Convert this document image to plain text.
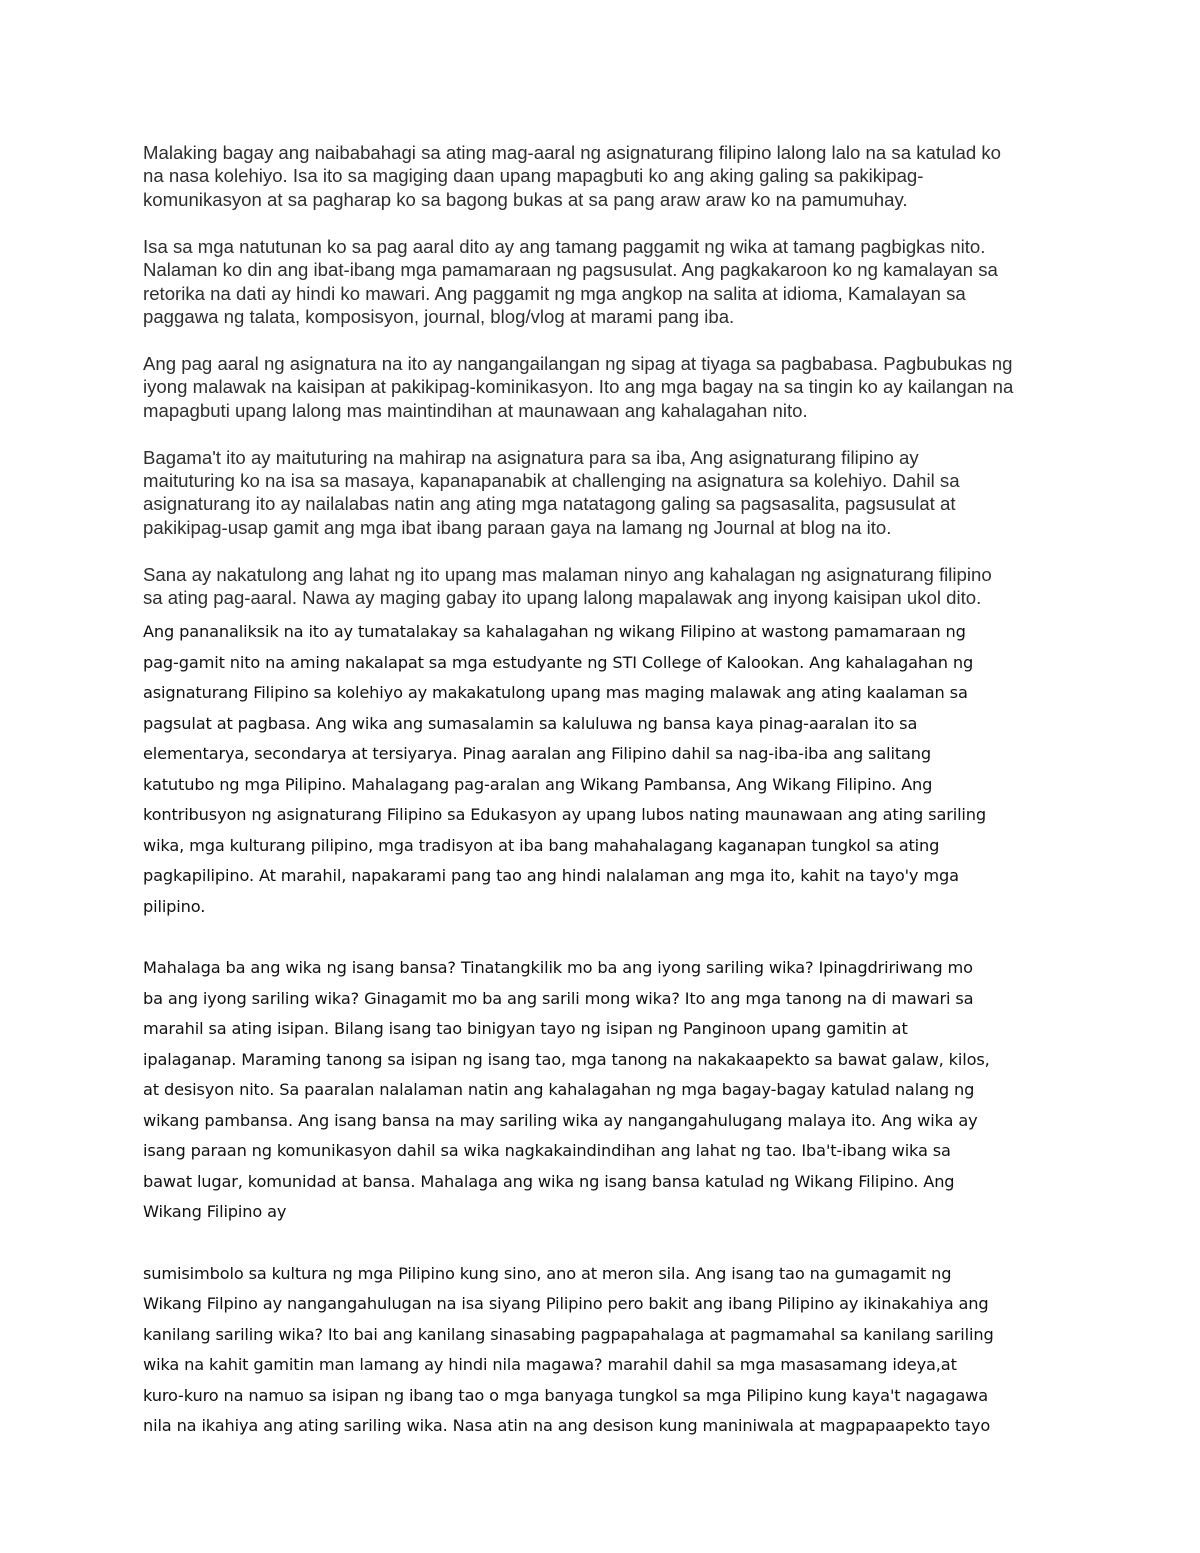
Malaking bagay ang naibabahagi sa ating mag-aaral ng asignaturang filipino lalong lalo na sa katulad ko
na nasa kolehiyo. Isa ito sa magiging daan upang mapagbuti ko ang aking galing sa pakikipag-
komunikasyon at sa pagharap ko sa bagong bukas at sa pang araw araw ko na pamumuhay.

Isa sa mga natutunan ko sa pag aaral dito ay ang tamang paggamit ng wika at tamang pagbigkas nito.
Nalaman ko din ang ibat-ibang mga pamamaraan ng pagsusulat. Ang pagkakaroon ko ng kamalayan sa
retorika na dati ay hindi ko mawari. Ang paggamit ng mga angkop na salita at idioma, Kamalayan sa
paggawa ng talata, komposisyon, journal, blog/vlog at marami pang iba.

Ang pag aaral ng asignatura na ito ay nangangailangan ng sipag at tiyaga sa pagbabasa. Pagbubukas ng
iyong malawak na kaisipan at pakikipag-kominikasyon. Ito ang mga bagay na sa tingin ko ay kailangan na
mapagbuti upang lalong mas maintindihan at maunawaan ang kahalagahan nito.

Bagama't ito ay maituturing na mahirap na asignatura para sa iba, Ang asignaturang filipino ay
maituturing ko na isa sa masaya, kapanapanabik at challenging na asignatura sa kolehiyo. Dahil sa
asignaturang ito ay nailalabas natin ang ating mga natatagong galing sa pagsasalita, pagsusulat at
pakikipag-usap gamit ang mga ibat ibang paraan gaya na lamang ng Journal at blog na ito.

Sana ay nakatulong ang lahat ng ito upang mas malaman ninyo ang kahalagan ng asignaturang filipino
sa ating pag-aaral. Nawa ay maging gabay ito upang lalong mapalawak ang inyong kaisipan ukol dito.

Ang pananaliksik na ito ay tumatalakay sa kahalagahan ng wikang Filipino at wastong pamamaraan ng
pag-gamit nito na aming nakalapat sa mga estudyante ng STI College of Kalookan. Ang kahalagahan ng
asignaturang Filipino sa kolehiyo ay makakatulong upang mas maging malawak ang ating kaalaman sa
pagsulat at pagbasa. Ang wika ang sumasalamin sa kaluluwa ng bansa kaya pinag-aaralan ito sa
elementarya, secondarya at tersiyarya. Pinag aaralan ang Filipino dahil sa nag-iba-iba ang salitang
katutubo ng mga Pilipino. Mahalagang pag-aralan ang Wikang Pambansa, Ang Wikang Filipino. Ang
kontribusyon ng asignaturang Filipino sa Edukasyon ay upang lubos nating maunawaan ang ating sariling
wika, mga kulturang pilipino, mga tradisyon at iba bang mahahalagang kaganapan tungkol sa ating
pagkapilipino. At marahil, napakarami pang tao ang hindi nalalaman ang mga ito, kahit na tayo'y mga
pilipino.

Mahalaga ba ang wika ng isang bansa? Tinatangkilik mo ba ang iyong sariling wika? Ipinagdririwang mo
ba ang iyong sariling wika? Ginagamit mo ba ang sarili mong wika? Ito ang mga tanong na di mawari sa
marahil sa ating isipan. Bilang isang tao binigyan tayo ng isipan ng Panginoon upang gamitin at
ipalaganap. Maraming tanong sa isipan ng isang tao, mga tanong na nakakaapekto sa bawat galaw, kilos,
at desisyon nito. Sa paaralan nalalaman natin ang kahalagahan ng mga bagay-bagay katulad nalang ng
wikang pambansa. Ang isang bansa na may sariling wika ay nangangahulugang malaya ito. Ang wika ay
isang paraan ng komunikasyon dahil sa wika nagkakaindindihan ang lahat ng tao. Iba't-ibang wika sa
bawat lugar, komunidad at bansa. Mahalaga ang wika ng isang bansa katulad ng Wikang Filipino. Ang
Wikang Filipino ay

sumisimbolo sa kultura ng mga Pilipino kung sino, ano at meron sila. Ang isang tao na gumagamit ng
Wikang Filpino ay nangangahulugan na isa siyang Pilipino pero bakit ang ibang Pilipino ay ikinakahiya ang
kanilang sariling wika? Ito bai ang kanilang sinasabing pagpapahalaga at pagmamahal sa kanilang sariling
wika na kahit gamitin man lamang ay hindi nila magawa? marahil dahil sa mga masasamang ideya,at
kuro-kuro na namuo sa isipan ng ibang tao o mga banyaga tungkol sa mga Pilipino kung kaya't nagagawa
nila na ikahiya ang ating sariling wika. Nasa atin na ang desison kung maniniwala at magpapaapekto tayo
